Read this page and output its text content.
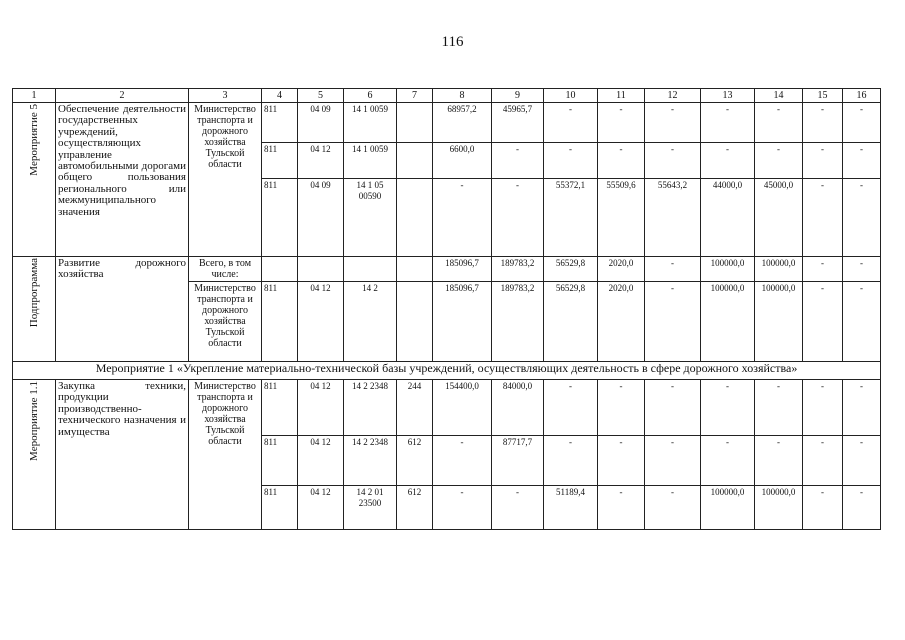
116
1	2	3	4	5	6	7	8	9	10	11	12	13	14	15	16
Мероприятие 5	Обеспечение деятельности государственных учреждений, осуществляющих управление автомобильными дорогами общего пользования регионального или межмуниципального значения	Министерство транспорта и дорожного хозяйства Тульской области	811	04 09	14 1 0059		68957,2	45965,7	-	-	-	-	-	-	-
			811	04 12	14 1 0059		6600,0	-	-	-	-	-	-	-	-
			811	04 09	14 1 05 00590		-	-	55372,1	55509,6	55643,2	44000,0	45000,0	-	-
Подпрограмма	Развитие дорожного хозяйства	Всего, в том числе:					185096,7	189783,2	56529,8	2020,0	-	100000,0	100000,0	-	-
		Министерство транспорта и дорожного хозяйства Тульской области	811	04 12	14 2		185096,7	189783,2	56529,8	2020,0	-	100000,0	100000,0	-	-
Мероприятие 1 «Укрепление материально-технической базы учреждений, осуществляющих деятельность в сфере дорожного хозяйства»															
Мероприятие 1.1	Закупка техники, продукции производственно-технического назначения и имущества	Министерство транспорта и дорожного хозяйства Тульской области	811	04 12	14 2 2348	244	154400,0	84000,0	-	-	-	-	-	-	-
			811	04 12	14 2 2348	612	-	87717,7	-	-	-	-	-	-	-
			811	04 12	14 2 01 23500	612	-	-	51189,4	-	-	100000,0	100000,0	-	-
